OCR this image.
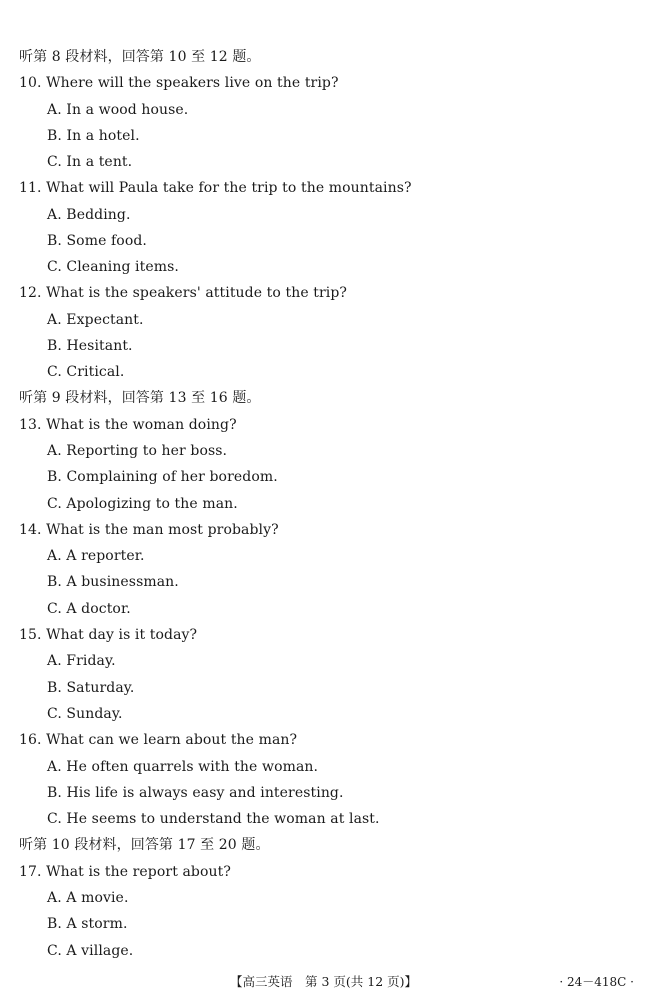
听第 8 段材料，回答第 10 至 12 题。
10. Where will the speakers live on the trip?
A. In a wood house.
B. In a hotel.
C. In a tent.
11. What will Paula take for the trip to the mountains?
A. Bedding.
B. Some food.
C. Cleaning items.
12. What is the speakers' attitude to the trip?
A. Expectant.
B. Hesitant.
C. Critical.
听第 9 段材料，回答第 13 至 16 题。
13. What is the woman doing?
A. Reporting to her boss.
B. Complaining of her boredom.
C. Apologizing to the man.
14. What is the man most probably?
A. A reporter.
B. A businessman.
C. A doctor.
15. What day is it today?
A. Friday.
B. Saturday.
C. Sunday.
16. What can we learn about the man?
A. He often quarrels with the woman.
B. His life is always easy and interesting.
C. He seems to understand the woman at last.
听第 10 段材料，回答第 17 至 20 题。
17. What is the report about?
A. A movie.
B. A storm.
C. A village.
【高三英语　第 3 页(共 12 页)】	· 24－418C ·
